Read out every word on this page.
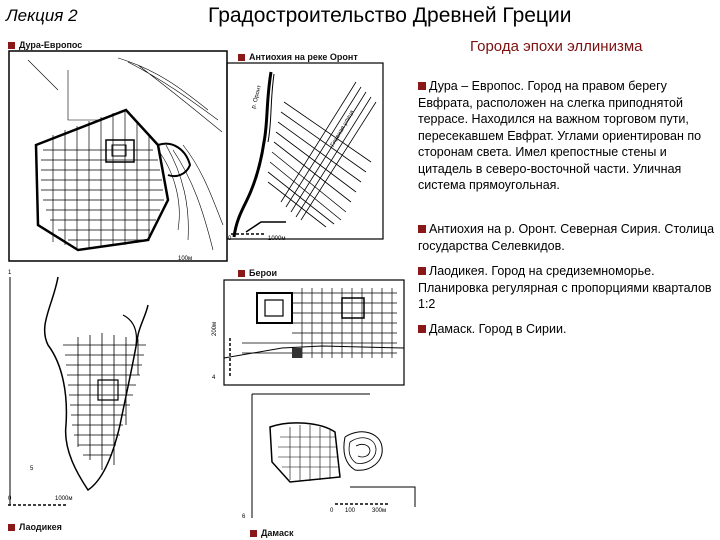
Лекция 2	Градостроительство Древней Греции
Города эпохи эллинизма
Дура-Европос
Антиохия на реке Оронт
Берои
Лаодикея
Дамаск
100м
р. Оронт
Главная улица
0	1000м
1
5
0	1000м
200м
4
6
0 100	300м
Дура – Европос. Город на правом берегу Евфрата, расположен на слегка приподнятой террасе. Находился на важном торговом пути, пересекавшем Евфрат. Углами ориентирован по сторонам света. Имел крепостные стены и цитадель в северо-восточной части. Уличная система прямоугольная.
Антиохия на р. Оронт. Северная Сирия. Столица государства Селевкидов.
Лаодикея. Город на средиземноморье. Планировка регулярная с пропорциями кварталов 1:2
Дамаск. Город в Сирии.
